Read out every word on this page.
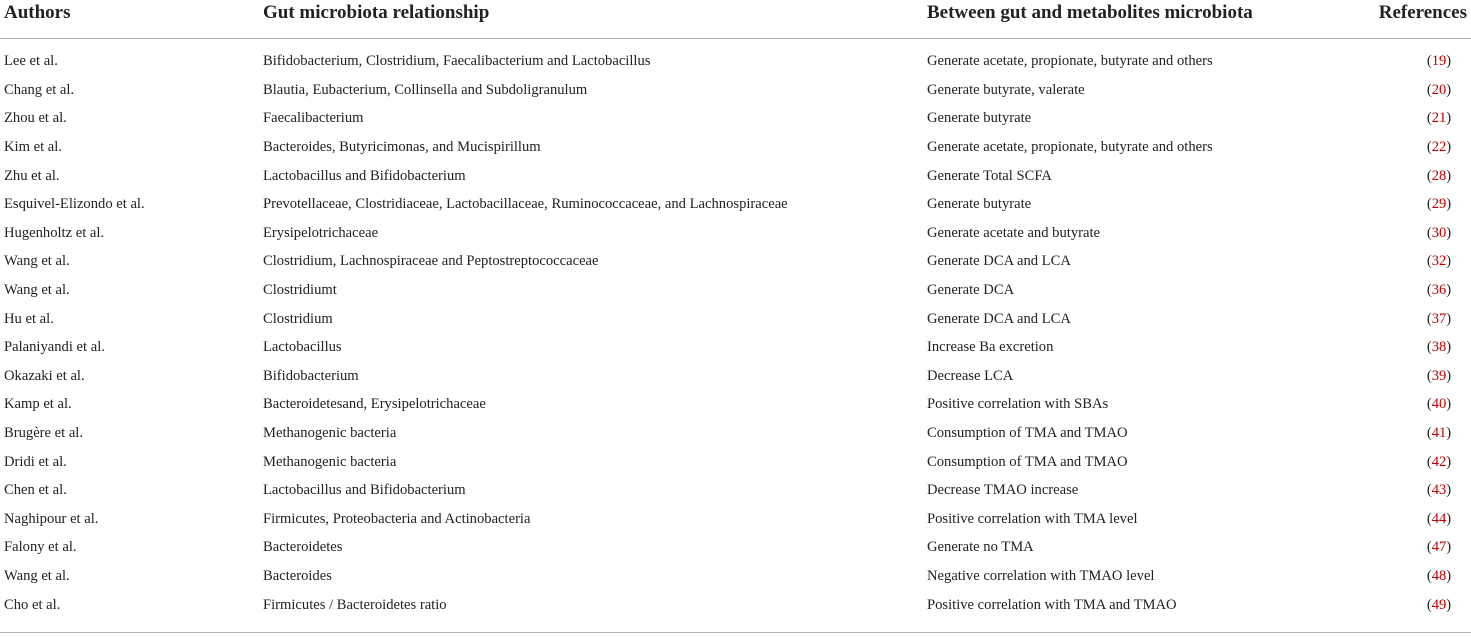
Authors	Gut microbiota relationship	Between gut and metabolites microbiota	References
Lee et al.	Bifidobacterium, Clostridium, Faecalibacterium and Lactobacillus	Generate acetate, propionate, butyrate and others	(19)
Chang et al.	Blautia, Eubacterium, Collinsella and Subdoligranulum	Generate butyrate, valerate	(20)
Zhou et al.	Faecalibacterium	Generate butyrate	(21)
Kim et al.	Bacteroides, Butyricimonas, and Mucispirillum	Generate acetate, propionate, butyrate and others	(22)
Zhu et al.	Lactobacillus and Bifidobacterium	Generate Total SCFA	(28)
Esquivel-Elizondo et al.	Prevotellaceae, Clostridiaceae, Lactobacillaceae, Ruminococcaceae, and Lachnospiraceae	Generate butyrate	(29)
Hugenholtz et al.	Erysipelotrichaceae	Generate acetate and butyrate	(30)
Wang et al.	Clostridium, Lachnospiraceae and Peptostreptococcaceae	Generate DCA and LCA	(32)
Wang et al.	Clostridiumt	Generate DCA	(36)
Hu et al.	Clostridium	Generate DCA and LCA	(37)
Palaniyandi et al.	Lactobacillus	Increase Ba excretion	(38)
Okazaki et al.	Bifidobacterium	Decrease LCA	(39)
Kamp et al.	Bacteroidetesand, Erysipelotrichaceae	Positive correlation with SBAs	(40)
Brugère et al.	Methanogenic bacteria	Consumption of TMA and TMAO	(41)
Dridi et al.	Methanogenic bacteria	Consumption of TMA and TMAO	(42)
Chen et al.	Lactobacillus and Bifidobacterium	Decrease TMAO increase	(43)
Naghipour et al.	Firmicutes, Proteobacteria and Actinobacteria	Positive correlation with TMA level	(44)
Falony et al.	Bacteroidetes	Generate no TMA	(47)
Wang et al.	Bacteroides	Negative correlation with TMAO level	(48)
Cho et al.	Firmicutes / Bacteroidetes ratio	Positive correlation with TMA and TMAO	(49)
